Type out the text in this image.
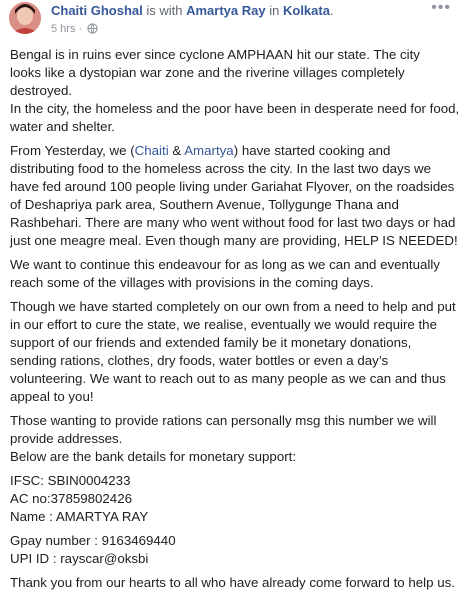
Chaiti Ghoshal is with Amartya Ray in Kolkata.
5 hrs ·
•••

Bengal is in ruins ever since cyclone AMPHAAN hit our state. The city
looks like a dystopian war zone and the riverine villages completely
destroyed.
In the city, the homeless and the poor have been in desperate need for food,
water and shelter.

From Yesterday, we (Chaiti & Amartya) have started cooking and
distributing food to the homeless across the city. In the last two days we
have fed around 100 people living under Gariahat Flyover, on the roadsides
of Deshapriya park area, Southern Avenue, Tollygunge Thana and
Rashbehari. There are many who went without food for last two days or had
just one meagre meal. Even though many are providing, HELP IS NEEDED!

We want to continue this endeavour for as long as we can and eventually
reach some of the villages with provisions in the coming days.

Though we have started completely on our own from a need to help and put
in our effort to cure the state, we realise, eventually we would require the
support of our friends and extended family be it monetary donations,
sending rations, clothes, dry foods, water bottles or even a day’s
volunteering. We want to reach out to as many people as we can and thus
appeal to you!

Those wanting to provide rations can personally msg this number we will
provide addresses.
Below are the bank details for monetary support:

IFSC: SBIN0004233
AC no:37859802426
Name : AMARTYA RAY

Gpay number : 9163469440
UPI ID : rayscar@oksbi

Thank you from our hearts to all who have already come forward to help us.
